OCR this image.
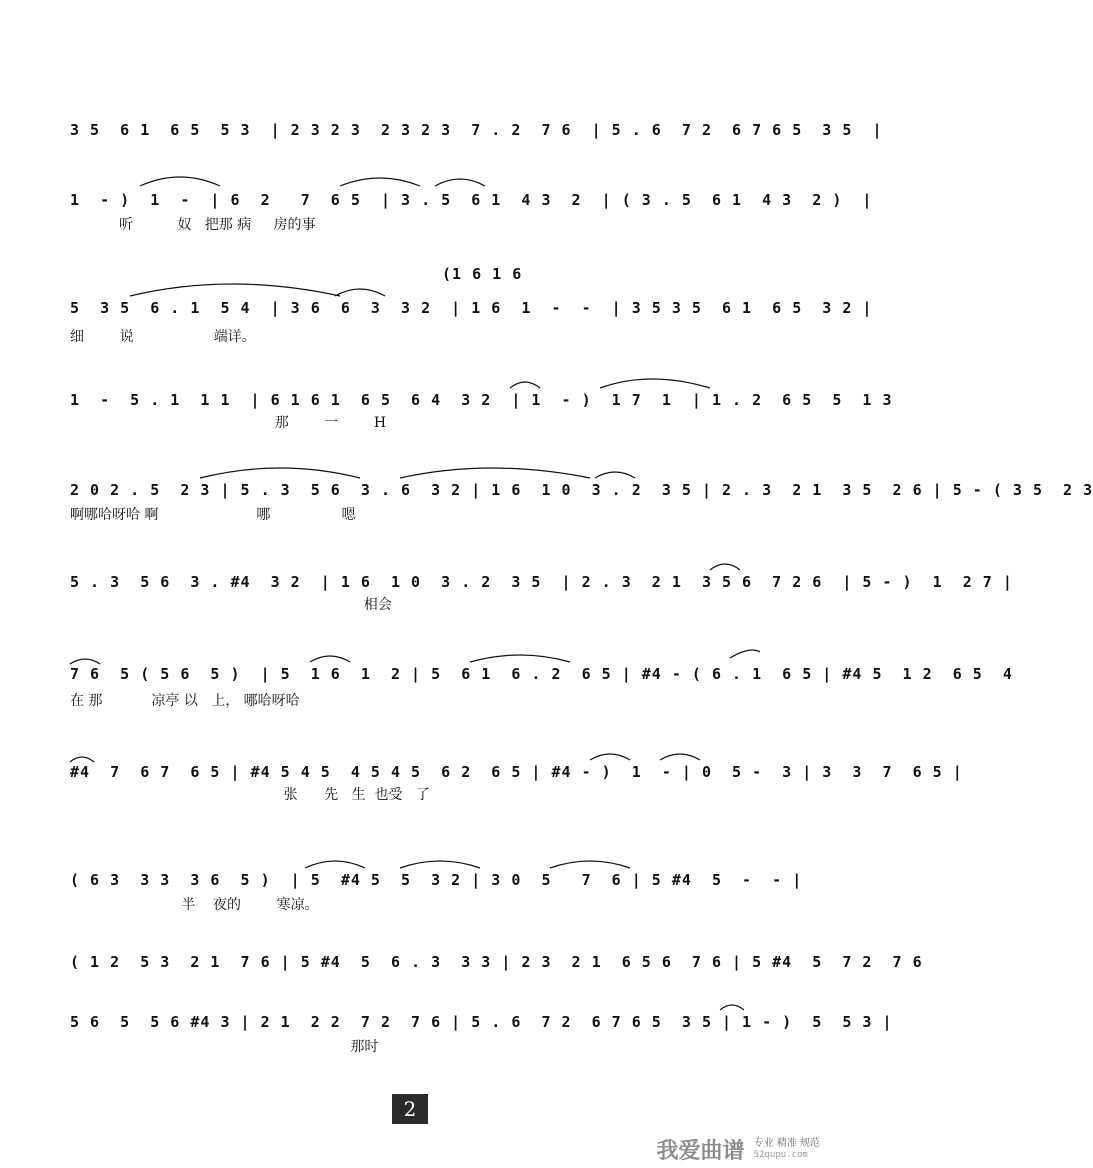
3 5  6 1  6 5  5 3  | 2 3 2 3  2 3 2 3  7 . 2  7 6  | 5 . 6  7 2  6 7 6 5  3 5  |
1  - )  1  -  | 6  2   7  6 5  | 3 . 5  6 1  4 3  2  | ( 3 . 5  6 1  4 3  2 )  |
听          奴   把那 病     房的事
(1 6 1 6
5  3 5  6 . 1  5 4  | 3 6  6  3  3 2  | 1 6  1  -  -  | 3 5 3 5  6 1  6 5  3 2 |
细        说                  端详。
1  -  5 . 1  1 1  | 6 1 6 1  6 5  6 4  3 2  | 1  - )  1 7  1  | 1 . 2  6 5  5  1 3
那        一        H
2 0 2 . 5  2 3 | 5 . 3  5 6  3 . 6  3 2 | 1 6  1 0  3 . 2  3 5 | 2 . 3  2 1  3 5  2 6 | 5 - ( 3 5  2 3
啊哪哈呀哈 啊                      哪                嗯
5 . 3  5 6  3 . #4  3 2  | 1 6  1 0  3 . 2  3 5  | 2 . 3  2 1  3 5 6  7 2 6  | 5 - )  1  2 7 |
相会
7 6  5 ( 5 6  5 )  | 5  1 6  1  2 | 5  6 1  6 . 2  6 5 | #4 - ( 6 . 1  6 5 | #4 5  1 2  6 5  4
在 那           凉亭 以   上， 哪哈呀哈
#4  7  6 7  6 5 | #4 5 4 5  4 5 4 5  6 2  6 5 | #4 - )  1  - | 0  5 -  3 | 3  3  7  6 5 |
张      先   生  也受   了
( 6 3  3 3  3 6  5 )  | 5  #4 5  5  3 2 | 3 0  5   7  6 | 5 #4  5  -  - |
半    夜的        寒凉。
( 1 2  5 3  2 1  7 6 | 5 #4  5  6 . 3  3 3 | 2 3  2 1  6 5 6  7 6 | 5 #4  5  7 2  7 6
5 6  5  5 6 #4 3 | 2 1  2 2  7 2  7 6 | 5 . 6  7 2  6 7 6 5  3 5 | 1 - )  5  5 3 |
那时
2
我爱曲谱 专业 精准 规范
52qupu.com
